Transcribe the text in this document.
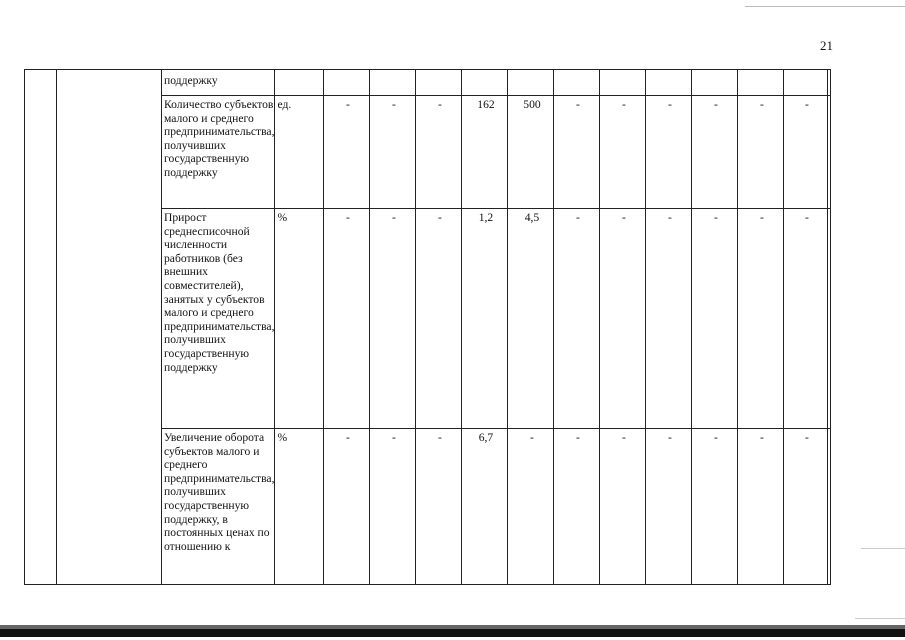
21
		поддержку													
		Количество субъектов малого и среднего предпринимательства, получивших государственную поддержку	ед.	-	-	-	162	500	-	-	-	-	-	-	
		Прирост среднесписочной численности работников (без внешних совместителей), занятых у субъектов малого и среднего предпринимательства, получивших государственную поддержку	%	-	-	-	1,2	4,5	-	-	-	-	-	-	
		Увеличение оборота субъектов малого и среднего предпринимательства, получивших государственную поддержку, в постоянных ценах по отношению к	%	-	-	-	6,7	-	-	-	-	-	-	-	
